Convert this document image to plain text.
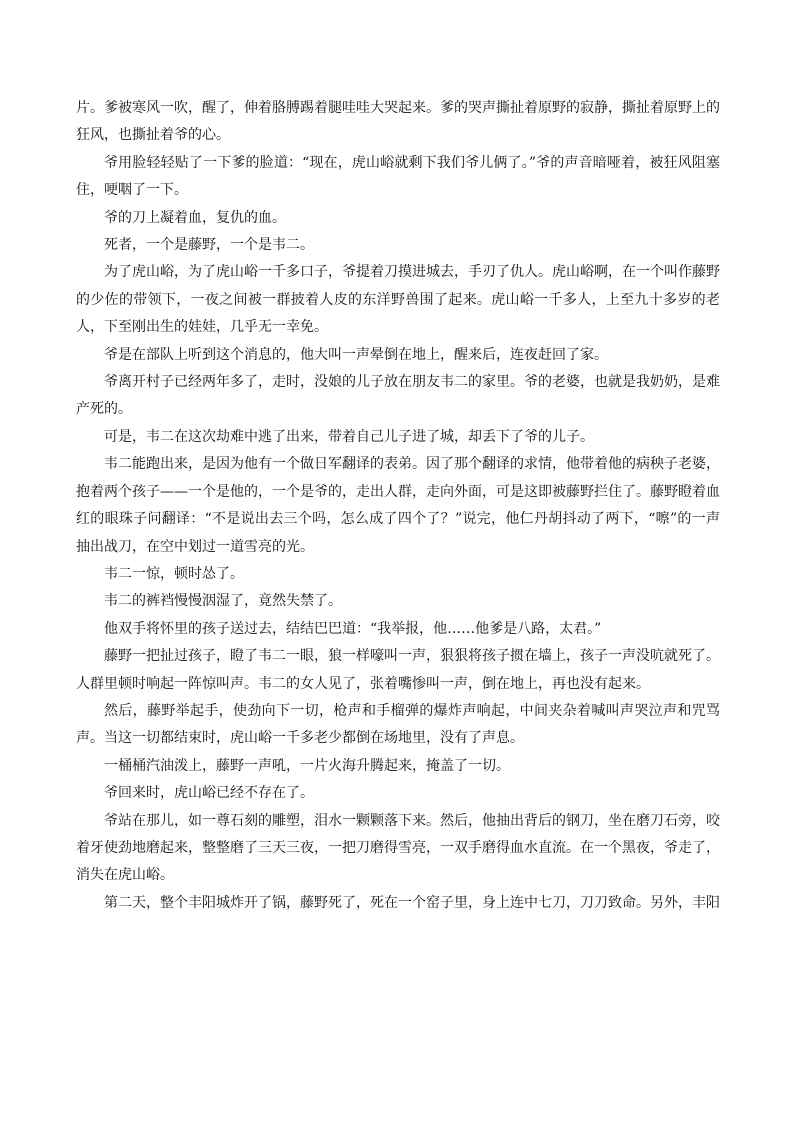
片。爹被寒风一吹，醒了，伸着胳膊踢着腿哇哇大哭起来。爹的哭声撕扯着原野的寂静，撕扯着原野上的狂风，也撕扯着爷的心。

爷用脸轻轻贴了一下爹的脸道：“现在，虎山峪就剩下我们爷儿俩了。”爷的声音暗哑着，被狂风阻塞住，哽咽了一下。

爷的刀上凝着血，复仇的血。

死者，一个是藤野，一个是韦二。

为了虎山峪，为了虎山峪一千多口子，爷提着刀摸进城去，手刃了仇人。虎山峪啊，在一个叫作藤野的少佐的带领下，一夜之间被一群披着人皮的东洋野兽围了起来。虎山峪一千多人，上至九十多岁的老人，下至刚出生的娃娃，几乎无一幸免。

爷是在部队上听到这个消息的，他大叫一声晕倒在地上，醒来后，连夜赶回了家。

爷离开村子已经两年多了，走时，没娘的儿子放在朋友韦二的家里。爷的老婆，也就是我奶奶，是难产死的。

可是，韦二在这次劫难中逃了出来，带着自己儿子进了城，却丢下了爷的儿子。

韦二能跑出来，是因为他有一个做日军翻译的表弟。因了那个翻译的求情，他带着他的病秧子老婆，抱着两个孩子——一个是他的，一个是爷的，走出人群，走向外面，可是这即被藤野拦住了。藤野瞪着血红的眼珠子问翻译：“不是说出去三个吗，怎么成了四个了？”说完，他仁丹胡抖动了两下，“嚓”的一声抽出战刀，在空中划过一道雪亮的光。

韦二一惊，顿时怂了。

韦二的裤裆慢慢洇湿了，竟然失禁了。

他双手将怀里的孩子送过去，结结巴巴道：“我举报，他……他爹是八路，太君。”

藤野一把扯过孩子，瞪了韦二一眼，狼一样嚎叫一声，狠狠将孩子掼在墙上，孩子一声没吭就死了。人群里顿时响起一阵惊叫声。韦二的女人见了，张着嘴惨叫一声，倒在地上，再也没有起来。

然后，藤野举起手，使劲向下一切，枪声和手榴弹的爆炸声响起，中间夹杂着喊叫声哭泣声和咒骂声。当这一切都结束时，虎山峪一千多老少都倒在场地里，没有了声息。

一桶桶汽油泼上，藤野一声吼，一片火海升腾起来，掩盖了一切。

爷回来时，虎山峪已经不存在了。

爷站在那儿，如一尊石刻的雕塑，泪水一颗颗落下来。然后，他抽出背后的钢刀，坐在磨刀石旁，咬着牙使劲地磨起来，整整磨了三天三夜，一把刀磨得雪亮，一双手磨得血水直流。在一个黑夜，爷走了，消失在虎山峪。

第二天，整个丰阳城炸开了锅，藤野死了，死在一个窑子里，身上连中七刀，刀刀致命。另外，丰阳
